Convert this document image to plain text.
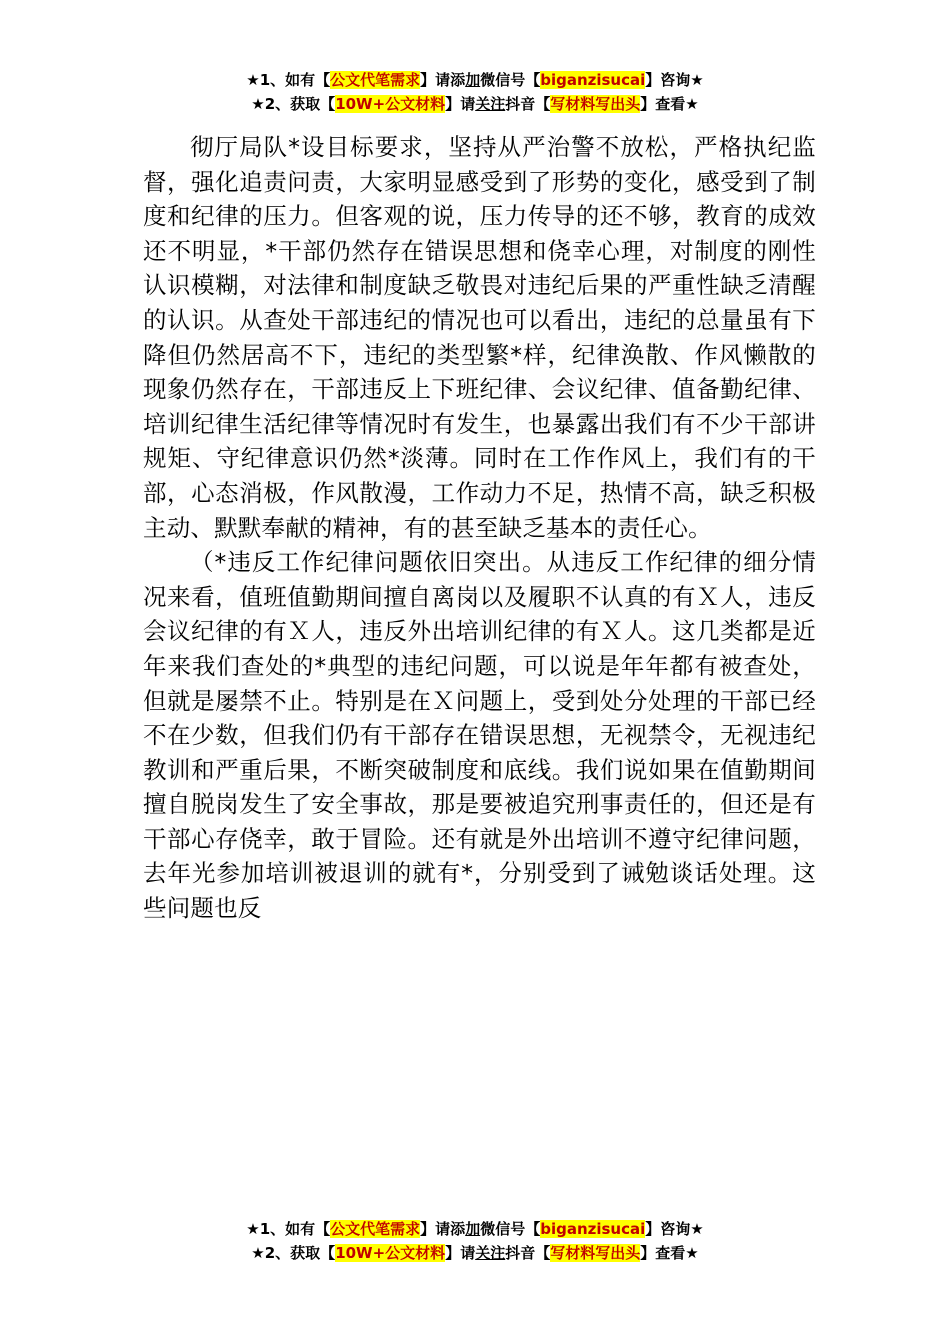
★1、如有【公文代笔需求】请添加微信号【biganzisucai】咨询★
★2、获取【10W+公文材料】请关注抖音【写材料写出头】查看★

彻厅局队*设目标要求，坚持从严治警不放松，严格执纪监督，强化追责问责，大家明显感受到了形势的变化，感受到了制度和纪律的压力。但客观的说，压力传导的还不够，教育的成效还不明显，*干部仍然存在错误思想和侥幸心理，对制度的刚性认识模糊，对法律和制度缺乏敬畏对违纪后果的严重性缺乏清醒的认识。从查处干部违纪的情况也可以看出，违纪的总量虽有下降但仍然居高不下，违纪的类型繁*样，纪律涣散、作风懒散的现象仍然存在，干部违反上下班纪律、会议纪律、值备勤纪律、培训纪律生活纪律等情况时有发生，也暴露出我们有不少干部讲规矩、守纪律意识仍然*淡薄。同时在工作作风上，我们有的干部，心态消极，作风散漫，工作动力不足，热情不高，缺乏积极主动、默默奉献的精神，有的甚至缺乏基本的责任心。

（*违反工作纪律问题依旧突出。从违反工作纪律的细分情况来看，值班值勤期间擅自离岗以及履职不认真的有Ｘ人，违反会议纪律的有Ｘ人，违反外出培训纪律的有Ｘ人。这几类都是近年来我们查处的*典型的违纪问题，可以说是年年都有被查处，但就是屡禁不止。特别是在Ｘ问题上，受到处分处理的干部已经不在少数，但我们仍有干部存在错误思想，无视禁令，无视违纪教训和严重后果，不断突破制度和底线。我们说如果在值勤期间擅自脱岗发生了安全事故，那是要被追究刑事责任的，但还是有干部心存侥幸，敢于冒险。还有就是外出培训不遵守纪律问题，去年光参加培训被退训的就有*，分别受到了诫勉谈话处理。这些问题也反

★1、如有【公文代笔需求】请添加微信号【biganzisucai】咨询★
★2、获取【10W+公文材料】请关注抖音【写材料写出头】查看★
